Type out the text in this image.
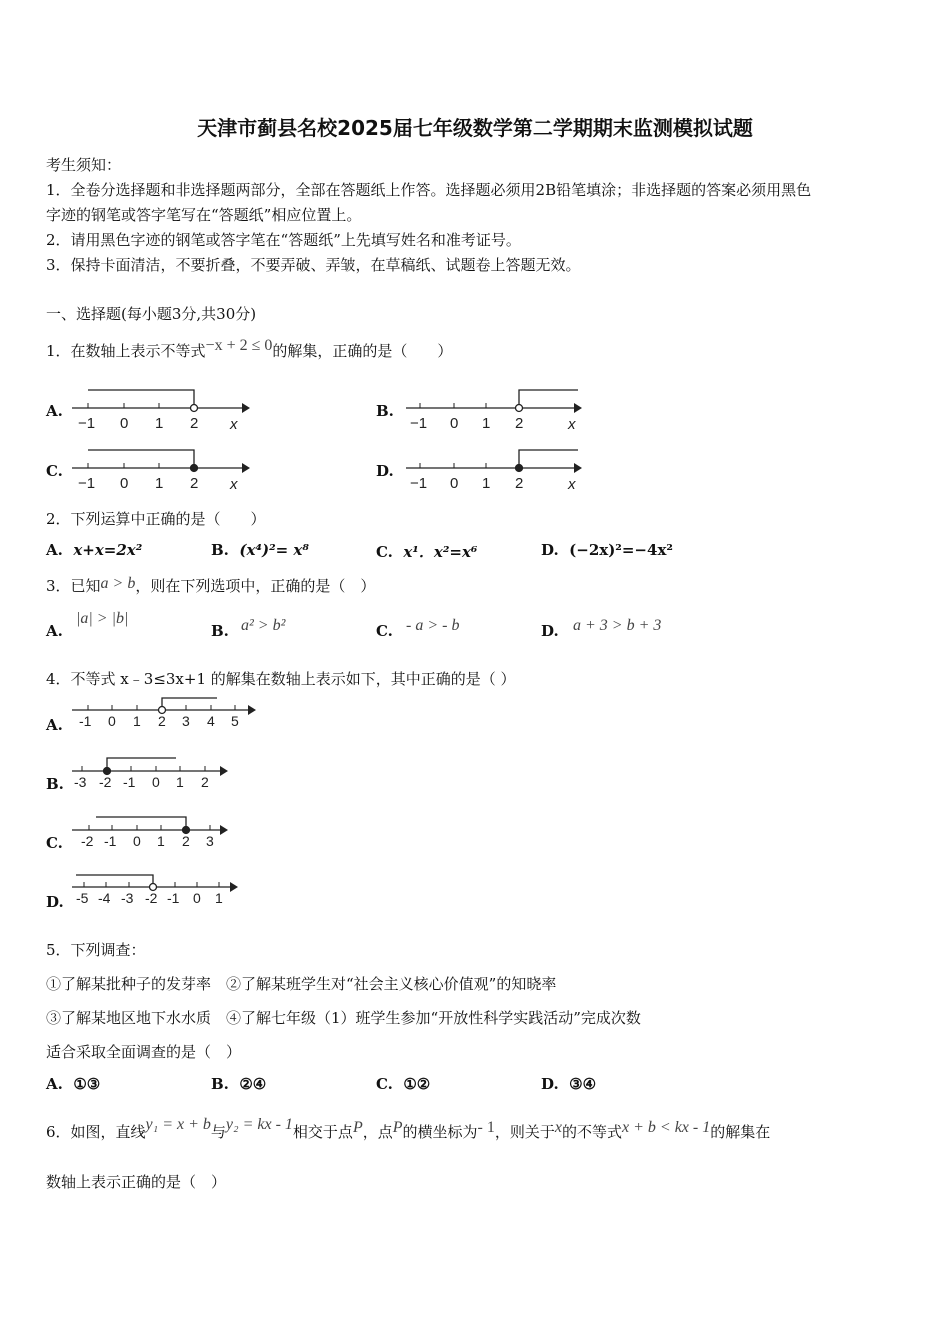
天津市蓟县名校2025届七年级数学第二学期期末监测模拟试题
考生须知：
1．全卷分选择题和非选择题两部分，全部在答题纸上作答。选择题必须用2B铅笔填涂；非选择题的答案必须用黑色
字迹的钢笔或答字笔写在“答题纸”相应位置上。
2．请用黑色字迹的钢笔或答字笔在“答题纸”上先填写姓名和准考证号。
3．保持卡面清洁，不要折叠，不要弄破、弄皱，在草稿纸、试题卷上答题无效。
一、选择题(每小题3分,共30分)
1．在数轴上表示不等式−x + 2 ≤ 0的解集，正确的是（　　）
A.	B.
C.	D.
−1 0 1 2 x	−1 0 1 2	x
−1 0 1 2 x	−1 0 1 2	x
2．下列运算中正确的是（　　）
A. x+x=2x²	B. (x⁴)²= x⁸	C. x¹．x²=x⁶	D. (−2x)²=−4x²
3．已知a > b，则在下列选项中，正确的是（　）
A.
|a| > |b|
B. a² > b²	C. - a > - b	D. a + 3 > b + 3
4．不等式 x﹣3≤3x+1 的解集在数轴上表示如下，其中正确的是（ ）
A. -1 0 1 2 3 4 5
B. -3 -2 -1 0 1 2
C. -2 -1 0 1 2 3
D. -5 -4 -3 -2 -1 0 1
5．下列调查：
①了解某批种子的发芽率　②了解某班学生对“社会主义核心价值观”的知晓率
③了解某地区地下水水质　④了解七年级（1）班学生参加“开放性科学实践活动”完成次数
适合采取全面调查的是（　）
A. ①③	B. ②④	C. ①②	D. ③④
6．如图，直线y₁ = x + b与y₂ = kx - 1相交于点P，点P的横坐标为- 1，则关于x的不等式x + b < kx - 1的解集在
数轴上表示正确的是（　）
